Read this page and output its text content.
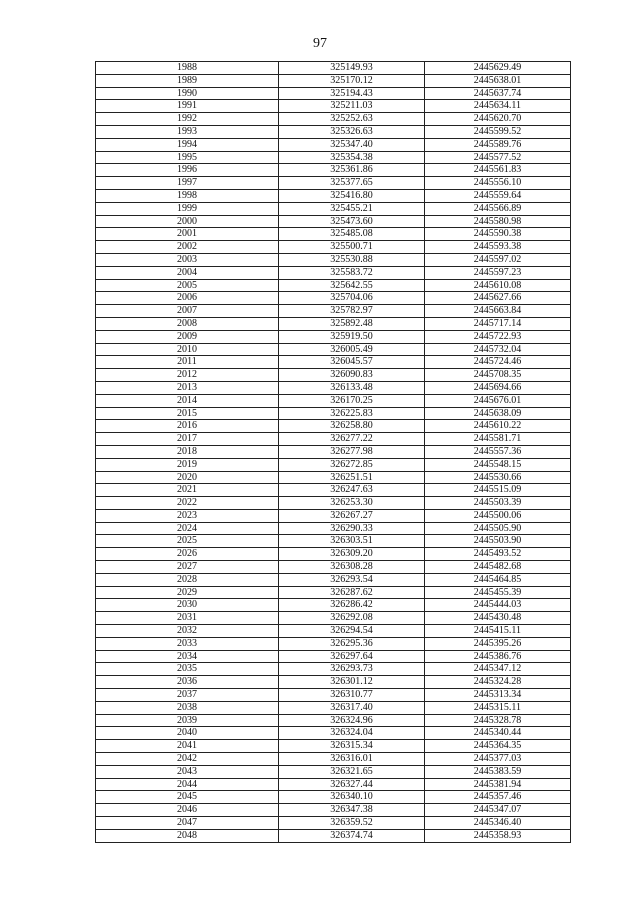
97
1988	325149.93	2445629.49
1989	325170.12	2445638.01
1990	325194.43	2445637.74
1991	325211.03	2445634.11
1992	325252.63	2445620.70
1993	325326.63	2445599.52
1994	325347.40	2445589.76
1995	325354.38	2445577.52
1996	325361.86	2445561.83
1997	325377.65	2445556.10
1998	325416.80	2445559.64
1999	325455.21	2445566.89
2000	325473.60	2445580.98
2001	325485.08	2445590.38
2002	325500.71	2445593.38
2003	325530.88	2445597.02
2004	325583.72	2445597.23
2005	325642.55	2445610.08
2006	325704.06	2445627.66
2007	325782.97	2445663.84
2008	325892.48	2445717.14
2009	325919.50	2445722.93
2010	326005.49	2445732.04
2011	326045.57	2445724.46
2012	326090.83	2445708.35
2013	326133.48	2445694.66
2014	326170.25	2445676.01
2015	326225.83	2445638.09
2016	326258.80	2445610.22
2017	326277.22	2445581.71
2018	326277.98	2445557.36
2019	326272.85	2445548.15
2020	326251.51	2445530.66
2021	326247.63	2445515.09
2022	326253.30	2445503.39
2023	326267.27	2445500.06
2024	326290.33	2445505.90
2025	326303.51	2445503.90
2026	326309.20	2445493.52
2027	326308.28	2445482.68
2028	326293.54	2445464.85
2029	326287.62	2445455.39
2030	326286.42	2445444.03
2031	326292.08	2445430.48
2032	326294.54	2445415.11
2033	326295.36	2445395.26
2034	326297.64	2445386.76
2035	326293.73	2445347.12
2036	326301.12	2445324.28
2037	326310.77	2445313.34
2038	326317.40	2445315.11
2039	326324.96	2445328.78
2040	326324.04	2445340.44
2041	326315.34	2445364.35
2042	326316.01	2445377.03
2043	326321.65	2445383.59
2044	326327.44	2445381.94
2045	326340.10	2445357.46
2046	326347.38	2445347.07
2047	326359.52	2445346.40
2048	326374.74	2445358.93
